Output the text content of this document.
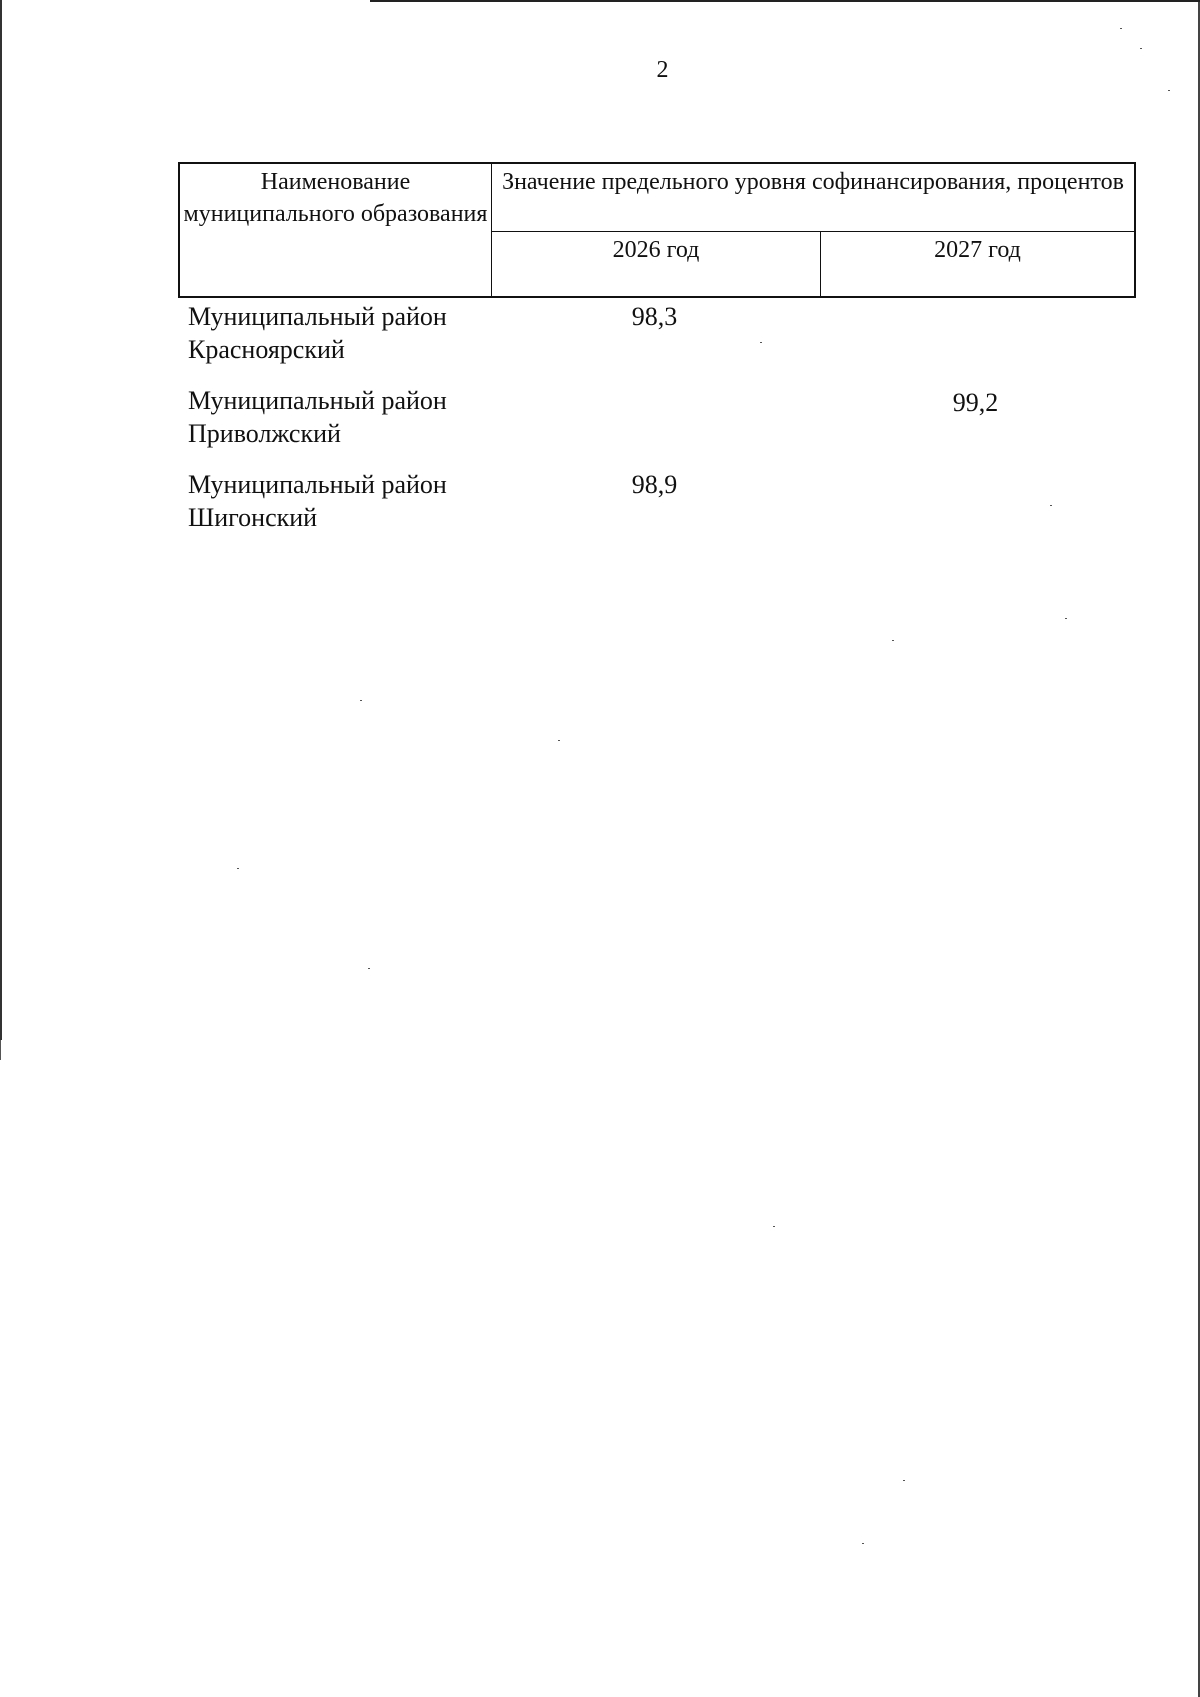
2
Наименование муниципального образования
Значение предельного уровня софинансирования, процентов
2026 год	2027 год
Муниципальный район Красноярский
98,3
Муниципальный район Приволжский
99,2
Муниципальный район Шигонский
98,9
